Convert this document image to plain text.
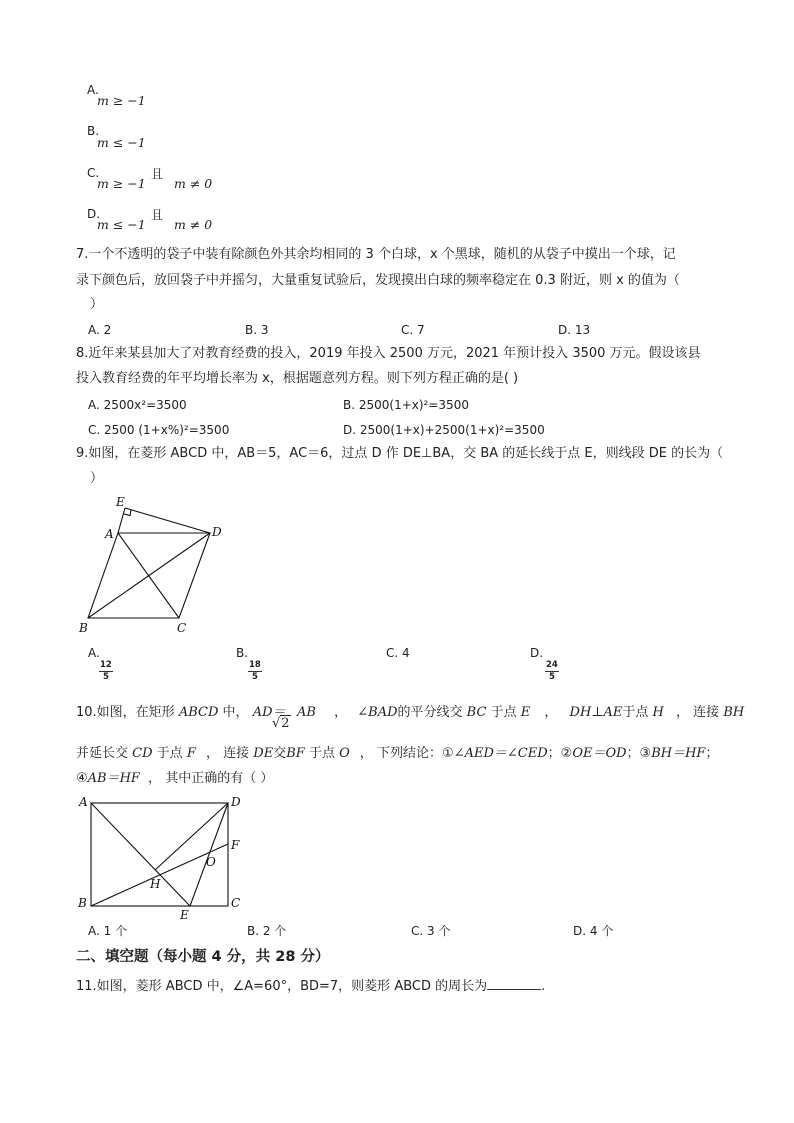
A.
m ≥ −1
B.
m ≤ −1
C.
m ≥ −1
且
m ≠ 0
D.
m ≤ −1
且
m ≠ 0
7.一个不透明的袋子中装有除颜色外其余均相同的 3 个白球，x 个黑球，随机的从袋子中摸出一个球，记
录下颜色后，放回袋子中并摇匀，大量重复试验后，发现摸出白球的频率稳定在 0.3 附近，则 x 的值为（
）
A. 2	B. 3	C. 7	D. 13
8.近年来某县加大了对教育经费的投入，2019 年投入 2500 万元，2021 年预计投入 3500 万元。假设该县
投入教育经费的年平均增长率为 x，根据题意列方程。则下列方程正确的是( )
A. 2500x²=3500	B. 2500(1+x)²=3500
C. 2500 (1+x%)²=3500	D. 2500(1+x)+2500(1+x)²=3500
9.如图，在菱形 ABCD 中，AB＝5，AC＝6，过点 D 作 DE⊥BA，交 BA 的延长线于点 E，则线段 DE 的长为（
）
E
A	D
B	C
A.
$\frac{12}{5}$
B.
$\frac{18}{5}$
C. 4	D.
$\frac{24}{5}$
10.如图，在矩形 ABCD 中， AD＝
√2
AB ， ∠BAD的平分线交 BC 于点 E ， DH⊥AE于点 H ， 连接 BH
并延长交 CD 于点 F ， 连接 DE交BF 于点 O ， 下列结论：①∠AED＝∠CED；②OE＝OD；③BH＝HF；
④AB＝HF ， 其中正确的有（ ）
A	D
F
O
H
B
E
C
A. 1 个	B. 2 个	C. 3 个	D. 4 个
二、填空题（每小题 4 分，共 28 分）
11.如图，菱形 ABCD 中，∠A=60°，BD=7，则菱形 ABCD 的周长为	.
